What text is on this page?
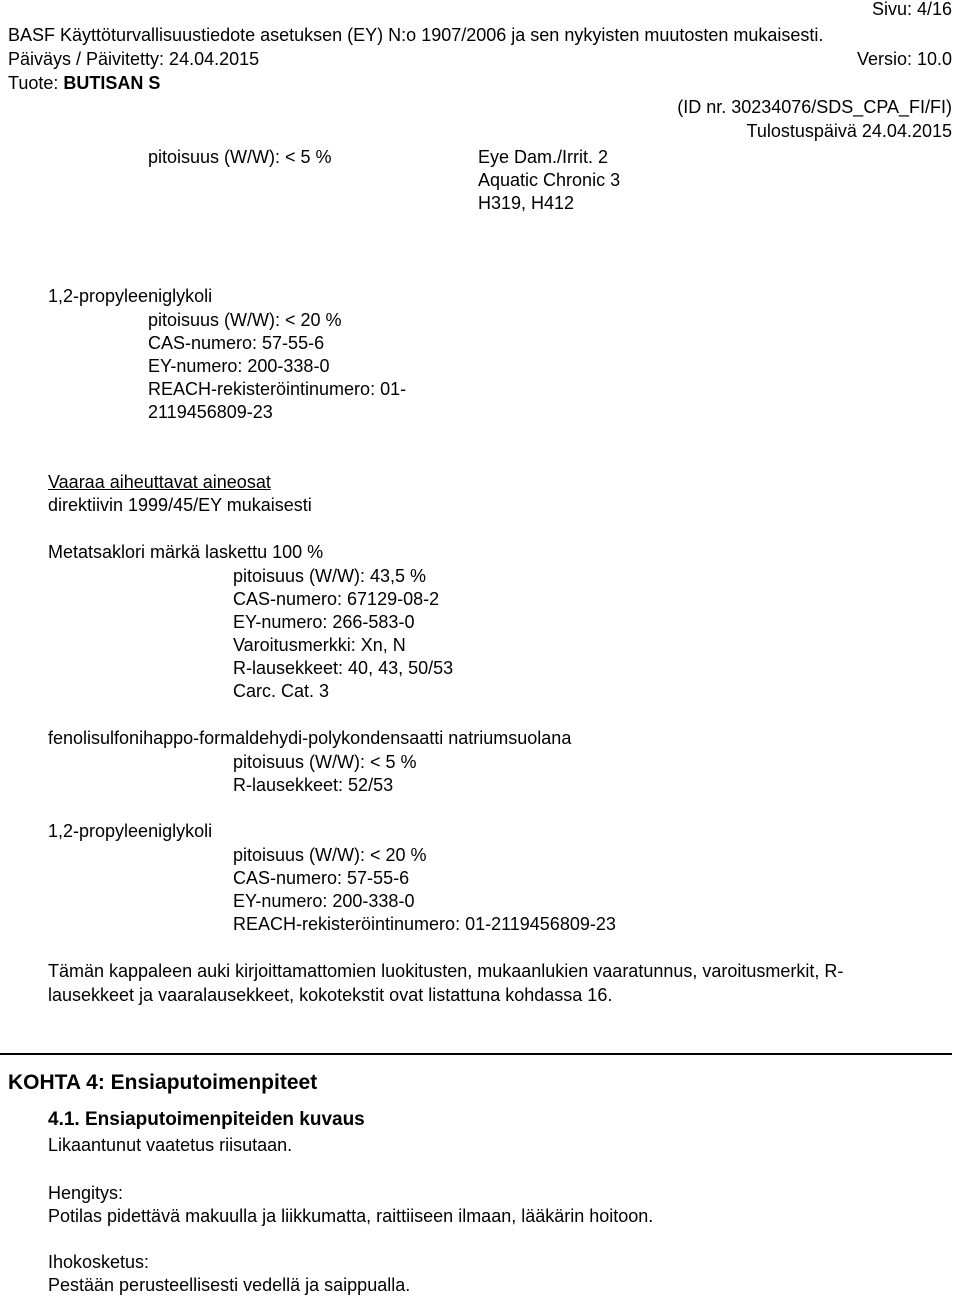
Sivu: 4/16
BASF Käyttöturvallisuustiedote asetuksen (EY) N:o 1907/2006 ja sen nykyisten muutosten mukaisesti.
Päiväys / Päivitetty: 24.04.2015	Versio: 10.0
Tuote: BUTISAN S
(ID nr. 30234076/SDS_CPA_FI/FI)
Tulostuspäivä 24.04.2015
pitoisuus (W/W): < 5 %	Eye Dam./Irrit. 2
Aquatic Chronic 3
H319, H412
1,2-propyleeniglykoli
pitoisuus (W/W): < 20 %
CAS-numero: 57-55-6
EY-numero: 200-338-0
REACH-rekisteröintinumero: 01-
2119456809-23
Vaaraa aiheuttavat aineosat
direktiivin 1999/45/EY mukaisesti
Metatsaklori märkä laskettu 100 %
pitoisuus (W/W): 43,5 %
CAS-numero: 67129-08-2
EY-numero: 266-583-0
Varoitusmerkki: Xn, N
R-lausekkeet: 40, 43, 50/53
Carc. Cat. 3
fenolisulfonihappo-formaldehydi-polykondensaatti natriumsuolana
pitoisuus (W/W): < 5 %
R-lausekkeet: 52/53
1,2-propyleeniglykoli
pitoisuus (W/W): < 20 %
CAS-numero: 57-55-6
EY-numero: 200-338-0
REACH-rekisteröintinumero: 01-2119456809-23
Tämän kappaleen auki kirjoittamattomien luokitusten, mukaanlukien vaaratunnus, varoitusmerkit, R-
lausekkeet ja vaaralausekkeet, kokotekstit ovat listattuna kohdassa 16.
KOHTA 4: Ensiaputoimenpiteet
4.1. Ensiaputoimenpiteiden kuvaus
Likaantunut vaatetus riisutaan.
Hengitys:
Potilas pidettävä makuulla ja liikkumatta, raittiiseen ilmaan, lääkärin hoitoon.
Ihokosketus:
Pestään perusteellisesti vedellä ja saippualla.
